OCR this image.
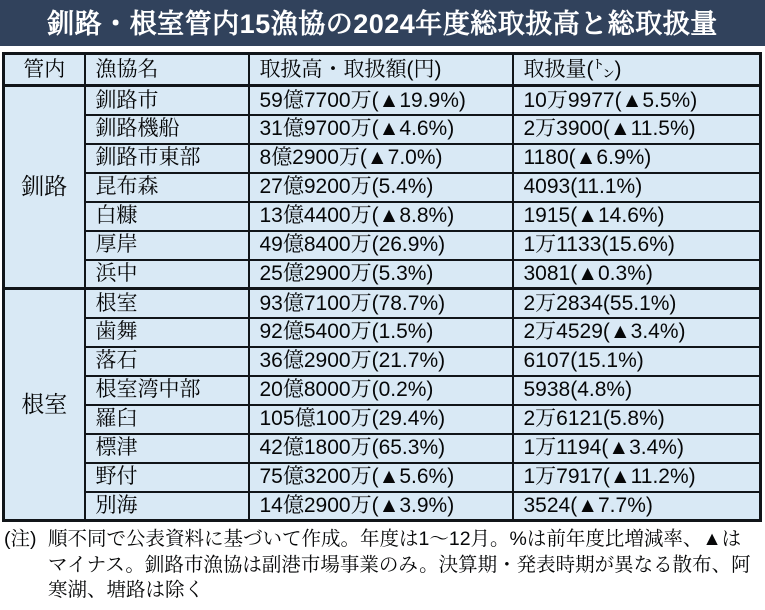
釧路・根室管内15漁協の2024年度総取扱高と総取扱量
管内	漁協名	取扱高・取扱額(円)	取扱量(㌧)
釧路	釧路市	59億7700万(▲19.9%)	10万9977(▲5.5%)
	釧路機船	31億9700万(▲4.6%)	2万3900(▲11.5%)
	釧路市東部	8億2900万(▲7.0%)	1180(▲6.9%)
	昆布森	27億9200万(5.4%)	4093(11.1%)
	白糠	13億4400万(▲8.8%)	1915(▲14.6%)
	厚岸	49億8400万(26.9%)	1万1133(15.6%)
	浜中	25億2900万(5.3%)	3081(▲0.3%)
根室	根室	93億7100万(78.7%)	2万2834(55.1%)
	歯舞	92億5400万(1.5%)	2万4529(▲3.4%)
	落石	36億2900万(21.7%)	6107(15.1%)
	根室湾中部	20億8000万(0.2%)	5938(4.8%)
	羅臼	105億100万(29.4%)	2万6121(5.8%)
	標津	42億1800万(65.3%)	1万1194(▲3.4%)
	野付	75億3200万(▲5.6%)	1万7917(▲11.2%)
	別海	14億2900万(▲3.9%)	3524(▲7.7%)
(注) 順不同で公表資料に基づいて作成。年度は1〜12月。%は前年度比増減率、▲はマイナス。釧路市漁協は副港市場事業のみ。決算期・発表時期が異なる散布、阿寒湖、塘路は除く
